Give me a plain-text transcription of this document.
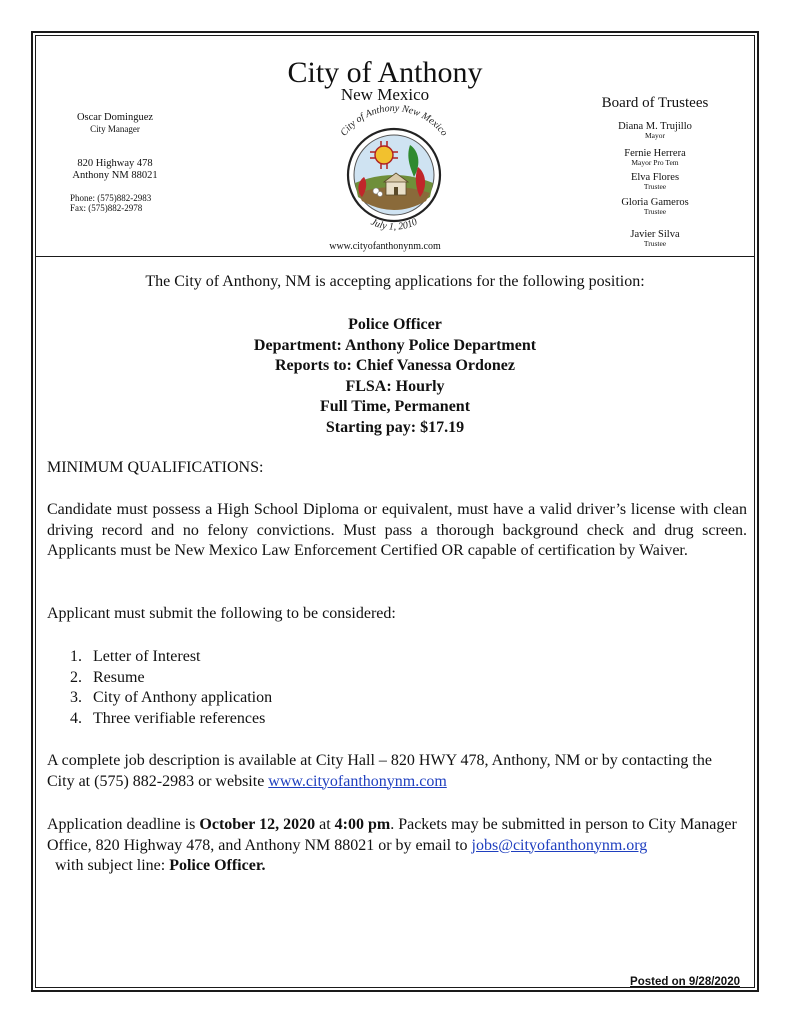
City of Anthony
New Mexico
Oscar Dominguez
City Manager
820 Highway 478
Anthony NM 88021
Phone: (575)882-2983
Fax: (575)882-2978
Board of Trustees
Diana M. Trujillo
Mayor
Fernie Herrera
Mayor Pro Tem
Elva Flores
Trustee
Gloria Gameros
Trustee
Javier Silva
Trustee
City of Anthony New Mexico
July 1, 2010
www.cityofanthonynm.com
The City of Anthony, NM is accepting applications for the following position:
Police Officer
Department: Anthony Police Department
Reports to: Chief Vanessa Ordonez
FLSA: Hourly
Full Time, Permanent
Starting pay: $17.19
MINIMUM QUALIFICATIONS:
Candidate must possess a High School Diploma or equivalent, must have a valid driver’s license with clean driving record and no felony convictions. Must pass a thorough background check and drug screen. Applicants must be New Mexico Law Enforcement Certified OR capable of certification by Waiver.
Applicant must submit the following to be considered:
1. Letter of Interest
2. Resume
3. City of Anthony application
4. Three verifiable references
A complete job description is available at City Hall – 820 HWY 478, Anthony, NM or by contacting the City at (575) 882-2983 or website www.cityofanthonynm.com
Application deadline is October 12, 2020 at 4:00 pm. Packets may be submitted in person to City Manager Office, 820 Highway 478, and Anthony NM 88021 or by email to jobs@cityofanthonynm.org  with subject line: Police Officer.
Posted on 9/28/2020
